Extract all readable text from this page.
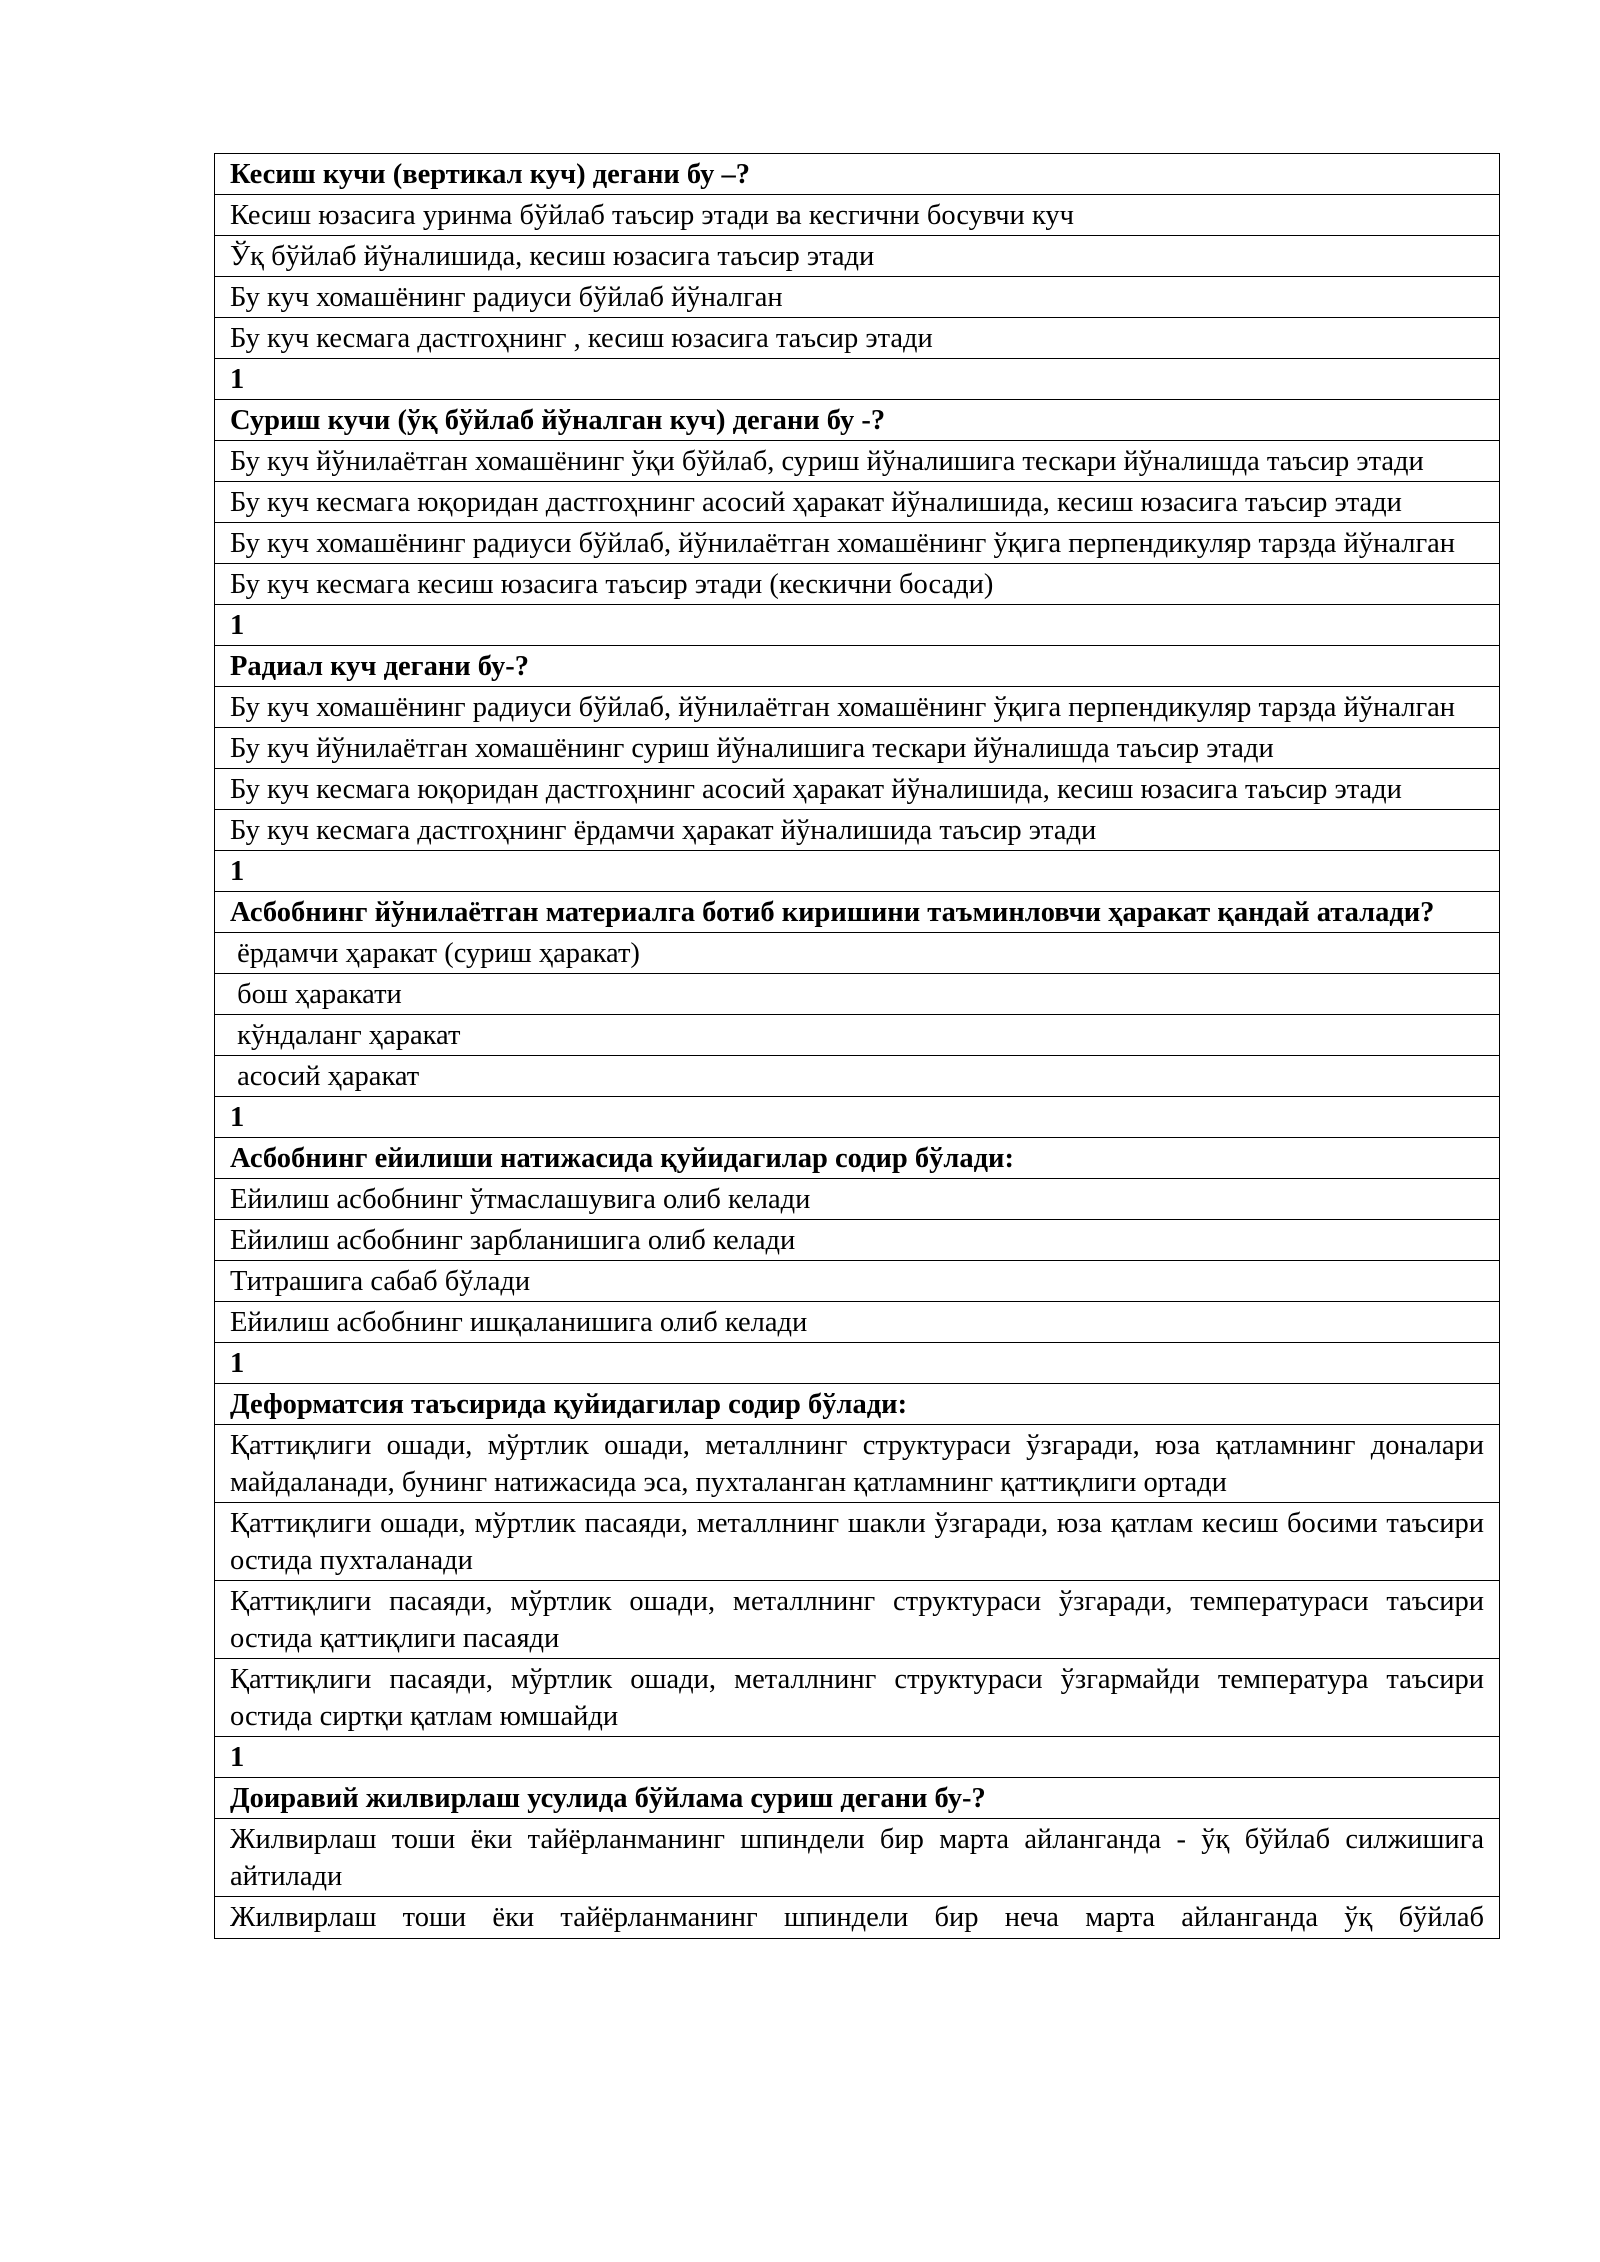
Кесиш кучи (вертикал куч) дегани бу –?
Кесиш юзасига уринма бўйлаб таъсир этади ва кесгични босувчи куч
Ўқ бўйлаб йўналишида, кесиш юзасига таъсир этади
Бу куч хомашёнинг радиуси бўйлаб йўналган
Бу куч кесмага дастгоҳнинг , кесиш юзасига таъсир этади
1
Суриш кучи (ўқ бўйлаб йўналган куч) дегани бу -?
Бу куч йўнилаётган хомашёнинг ўқи бўйлаб, суриш йўналишига тескари йўналишда таъсир этади
Бу куч кесмага юқоридан дастгоҳнинг асосий ҳаракат йўналишида, кесиш юзасига таъсир этади
Бу куч хомашёнинг радиуси бўйлаб, йўнилаётган хомашёнинг ўқига перпендикуляр тарзда йўналган
Бу куч кесмага кесиш юзасига таъсир этади (кескични босади)
1
Радиал куч дегани бу-?
Бу куч хомашёнинг радиуси бўйлаб, йўнилаётган хомашёнинг ўқига перпендикуляр тарзда йўналган
Бу куч йўнилаётган хомашёнинг суриш йўналишига тескари йўналишда таъсир этади
Бу куч кесмага юқоридан дастгоҳнинг асосий ҳаракат йўналишида, кесиш юзасига таъсир этади
Бу куч кесмага дастгоҳнинг ёрдамчи ҳаракат йўналишида таъсир этади
1
Асбобнинг йўнилаётган материалга ботиб киришини таъминловчи ҳаракат қандай аталади?
ёрдамчи ҳаракат (суриш ҳаракат)
бош ҳаракати
кўндаланг ҳаракат
асосий ҳаракат
1
Асбобнинг ейилиши натижасида қуйидагилар содир бўлади:
Ейилиш асбобнинг ўтмаслашувига олиб келади
Ейилиш асбобнинг зарбланишига олиб келади
Титрашига сабаб бўлади
Ейилиш асбобнинг ишқаланишига олиб келади
1
Деформатсия таъсирида қуйидагилар содир бўлади:
Қаттиқлиги ошади, мўртлик ошади, металлнинг структураси ўзгаради, юза қатламнинг доналари майдаланади, бунинг натижасида эса, пухталанган қатламнинг қаттиқлиги ортади
Қаттиқлиги ошади, мўртлик пасаяди, металлнинг шакли ўзгаради, юза қатлам кесиш босими таъсири остида пухталанади
Қаттиқлиги пасаяди, мўртлик ошади, металлнинг структураси ўзгаради, температураси таъсири остида қаттиқлиги пасаяди
Қаттиқлиги пасаяди, мўртлик ошади, металлнинг структураси ўзгармайди температура таъсири остида сиртқи қатлам юмшайди
1
Доиравий жилвирлаш усулида бўйлама суриш дегани бу-?
Жилвирлаш тоши ёки тайёрланманинг шпиндели бир марта айланганда - ўқ бўйлаб силжишига айтилади
Жилвирлаш тоши ёки тайёрланманинг шпиндели бир неча марта айланганда ўқ бўйлаб
